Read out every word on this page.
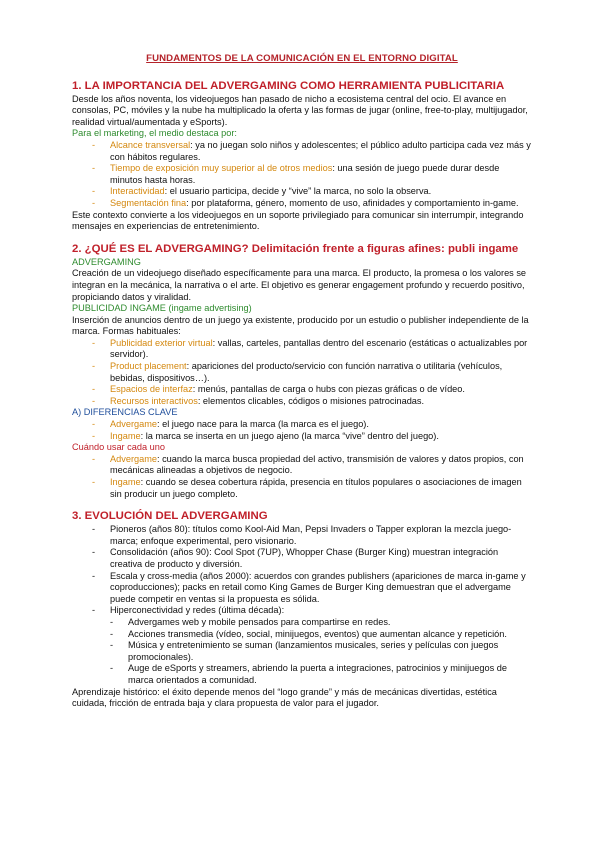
FUNDAMENTOS DE LA COMUNICACIÓN EN EL ENTORNO DIGITAL
1. LA IMPORTANCIA DEL ADVERGAMING COMO HERRAMIENTA PUBLICITARIA

Desde los años noventa, los videojuegos han pasado de nicho a ecosistema central del ocio. El avance en consolas, PC, móviles y la nube ha multiplicado la oferta y las formas de jugar (online, free-to-play, multijugador, realidad virtual/aumentada y eSports).

Para el marketing, el medio destaca por:

- Alcance transversal: ya no juegan solo niños y adolescentes; el público adulto participa cada vez más y con hábitos regulares.
- Tiempo de exposición muy superior al de otros medios: una sesión de juego puede durar desde minutos hasta horas.
- Interactividad: el usuario participa, decide y “vive” la marca, no solo la observa.
- Segmentación fina: por plataforma, género, momento de uso, afinidades y comportamiento in-game.

Este contexto convierte a los videojuegos en un soporte privilegiado para comunicar sin interrumpir, integrando mensajes en experiencias de entretenimiento.

2. ¿QUÉ ES EL ADVERGAMING? Delimitación frente a figuras afines: publi ingame

ADVERGAMING

Creación de un videojuego diseñado específicamente para una marca. El producto, la promesa o los valores se integran en la mecánica, la narrativa o el arte. El objetivo es generar engagement profundo y recuerdo positivo, propiciando datos y viralidad.

PUBLICIDAD INGAME (ingame advertising)

Inserción de anuncios dentro de un juego ya existente, producido por un estudio o publisher independiente de la marca. Formas habituales:

- Publicidad exterior virtual: vallas, carteles, pantallas dentro del escenario (estáticas o actualizables por servidor).
- Product placement: apariciones del producto/servicio con función narrativa o utilitaria (vehículos, bebidas, dispositivos…).
- Espacios de interfaz: menús, pantallas de carga o hubs con piezas gráficas o de vídeo.
- Recursos interactivos: elementos clicables, códigos o misiones patrocinadas.

A) DIFERENCIAS CLAVE

- Advergame: el juego nace para la marca (la marca es el juego).
- Ingame: la marca se inserta en un juego ajeno (la marca “vive” dentro del juego).

Cuándo usar cada uno

- Advergame: cuando la marca busca propiedad del activo, transmisión de valores y datos propios, con mecánicas alineadas a objetivos de negocio.
- Ingame: cuando se desea cobertura rápida, presencia en títulos populares o asociaciones de imagen sin producir un juego completo.
3. EVOLUCIÓN DEL ADVERGAMING
- Pioneros (años 80): títulos como Kool-Aid Man, Pepsi Invaders o Tapper exploran la mezcla juego-marca; enfoque experimental, pero visionario.
- Consolidación (años 90): Cool Spot (7UP), Whopper Chase (Burger King) muestran integración creativa de producto y diversión.
- Escala y cross-media (años 2000): acuerdos con grandes publishers (apariciones de marca in-game y coproducciones); packs en retail como King Games de Burger King demuestran que el advergame puede competir en ventas si la propuesta es sólida.
- Hiperconectividad y redes (última década):
- Advergames web y mobile pensados para compartirse en redes.
- Acciones transmedia (vídeo, social, minijuegos, eventos) que aumentan alcance y repetición.
- Música y entretenimiento se suman (lanzamientos musicales, series y películas con juegos promocionales).
- Auge de eSports y streamers, abriendo la puerta a integraciones, patrocinios y minijuegos de marca orientados a comunidad.

Aprendizaje histórico: el éxito depende menos del “logo grande” y más de mecánicas divertidas, estética cuidada, fricción de entrada baja y clara propuesta de valor para el jugador.
